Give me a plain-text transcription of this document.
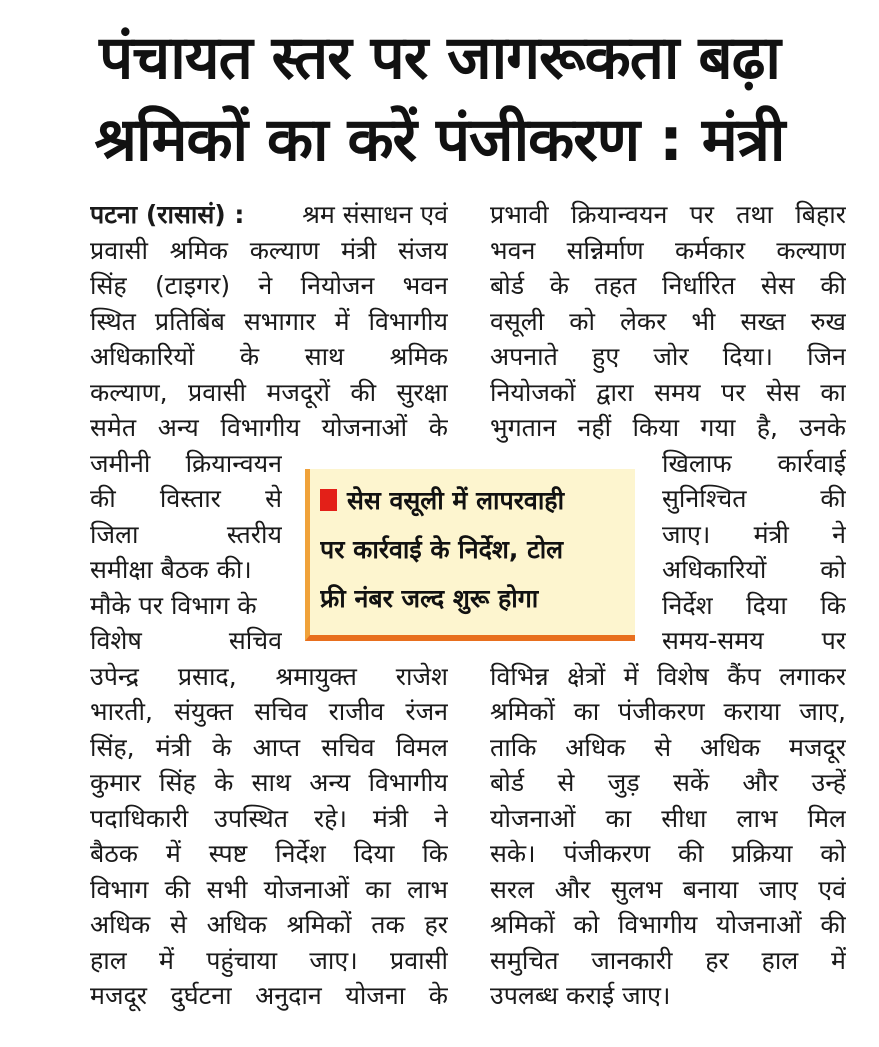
पंचायत स्तर पर जागरूकता बढ़ा
श्रमिकों का करें पंजीकरण : मंत्री
पटना (रासासं) : श्रम संसाधन एवं
प्रवासी श्रमिक कल्याण मंत्री संजय
सिंह (टाइगर) ने नियोजन भवन
स्थित प्रतिबिंब सभागार में विभागीय
अधिकारियों के साथ श्रमिक
कल्याण, प्रवासी मजदूरों की सुरक्षा
समेत अन्य विभागीय योजनाओं के
जमीनी क्रियान्वयन
की विस्तार से
जिला स्तरीय
समीक्षा बैठक की।
मौके पर विभाग के
विशेष सचिव
उपेन्द्र प्रसाद, श्रमायुक्त राजेश
भारती, संयुक्त सचिव राजीव रंजन
सिंह, मंत्री के आप्त सचिव विमल
कुमार सिंह के साथ अन्य विभागीय
पदाधिकारी उपस्थित रहे। मंत्री ने
बैठक में स्पष्ट निर्देश दिया कि
विभाग की सभी योजनाओं का लाभ
अधिक से अधिक श्रमिकों तक हर
हाल में पहुंचाया जाए। प्रवासी
मजदूर दुर्घटना अनुदान योजना के
प्रभावी क्रियान्वयन पर तथा बिहार
भवन सन्निर्माण कर्मकार कल्याण
बोर्ड के तहत निर्धारित सेस की
वसूली को लेकर भी सख्त रुख
अपनाते हुए जोर दिया। जिन
नियोजकों द्वारा समय पर सेस का
भुगतान नहीं किया गया है, उनके
खिलाफ कार्रवाई
सुनिश्चित की
जाए। मंत्री ने
अधिकारियों को
निर्देश दिया कि
समय-समय पर
विभिन्न क्षेत्रों में विशेष कैंप लगाकर
श्रमिकों का पंजीकरण कराया जाए,
ताकि अधिक से अधिक मजदूर
बोर्ड से जुड़ सकें और उन्हें
योजनाओं का सीधा लाभ मिल
सके। पंजीकरण की प्रक्रिया को
सरल और सुलभ बनाया जाए एवं
श्रमिकों को विभागीय योजनाओं की
समुचित जानकारी हर हाल में
उपलब्ध कराई जाए।
सेस वसूली में लापरवाही
पर कार्रवाई के निर्देश, टोल
फ्री नंबर जल्द शुरू होगा
